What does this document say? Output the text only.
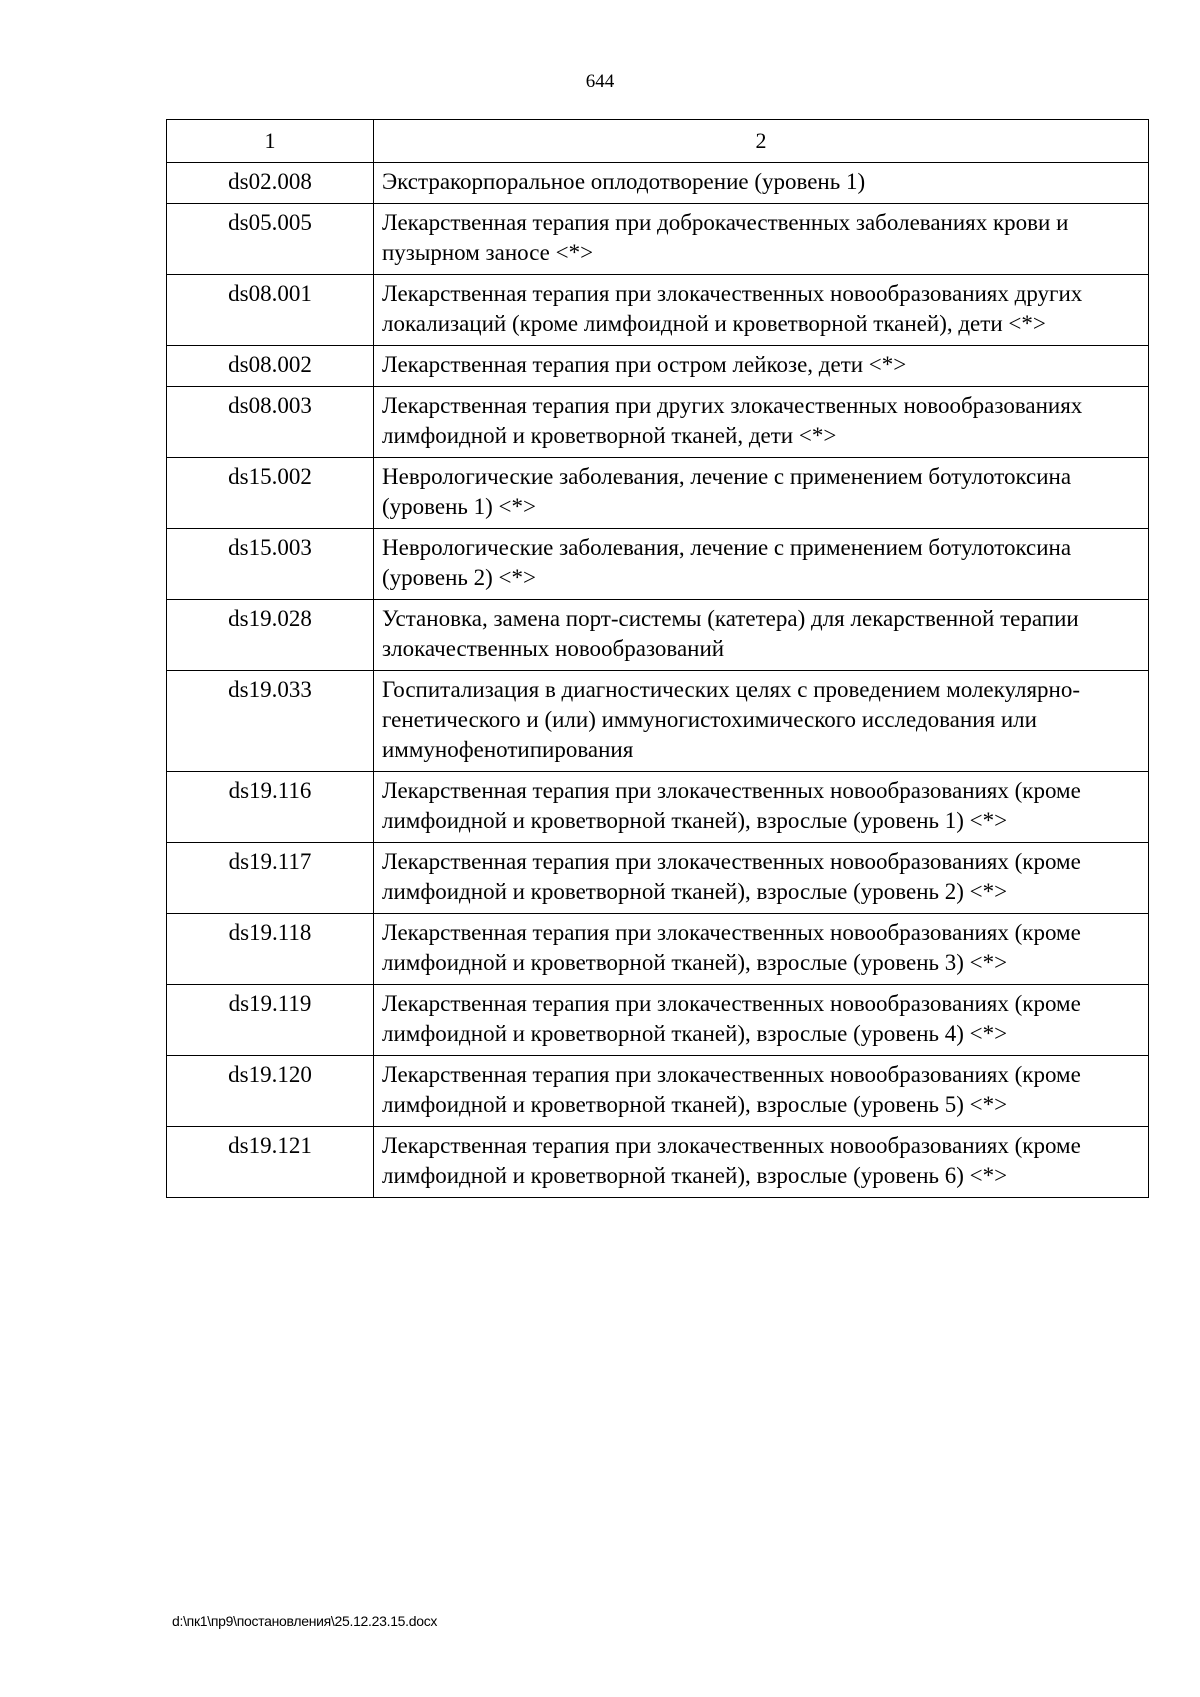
644
1	2
ds02.008	Экстракорпоральное оплодотворение (уровень 1)
ds05.005	Лекарственная терапия при доброкачественных заболеваниях крови и пузырном заносе <*>
ds08.001	Лекарственная терапия при злокачественных новообразованиях других локализаций (кроме лимфоидной и кроветворной тканей), дети <*>
ds08.002	Лекарственная терапия при остром лейкозе, дети <*>
ds08.003	Лекарственная терапия при других злокачественных новообразованиях лимфоидной и кроветворной тканей, дети <*>
ds15.002	Неврологические заболевания, лечение с применением ботулотоксина (уровень 1) <*>
ds15.003	Неврологические заболевания, лечение с применением ботулотоксина (уровень 2) <*>
ds19.028	Установка, замена порт-системы (катетера) для лекарственной терапии злокачественных новообразований
ds19.033	Госпитализация в диагностических целях с проведением молекулярно-генетического и (или) иммуногистохимического исследования или иммунофенотипирования
ds19.116	Лекарственная терапия при злокачественных новообразованиях (кроме лимфоидной и кроветворной тканей), взрослые (уровень 1) <*>
ds19.117	Лекарственная терапия при злокачественных новообразованиях (кроме лимфоидной и кроветворной тканей), взрослые (уровень 2) <*>
ds19.118	Лекарственная терапия при злокачественных новообразованиях (кроме лимфоидной и кроветворной тканей), взрослые (уровень 3) <*>
ds19.119	Лекарственная терапия при злокачественных новообразованиях (кроме лимфоидной и кроветворной тканей), взрослые (уровень 4) <*>
ds19.120	Лекарственная терапия при злокачественных новообразованиях (кроме лимфоидной и кроветворной тканей), взрослые (уровень 5) <*>
ds19.121	Лекарственная терапия при злокачественных новообразованиях (кроме лимфоидной и кроветворной тканей), взрослые (уровень 6) <*>
d:\пк1\пр9\постановления\25.12.23.15.docx
